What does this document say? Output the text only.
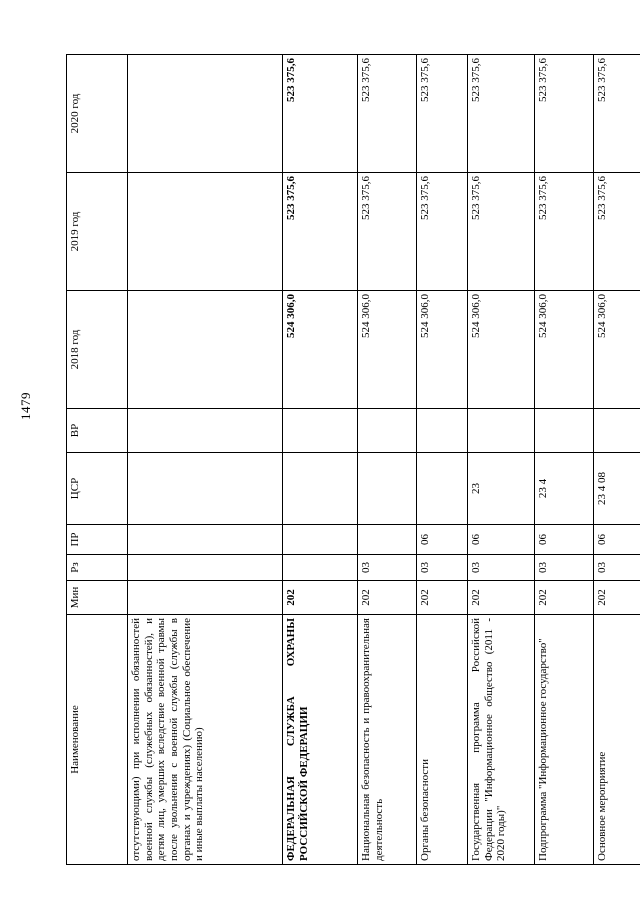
1479
Наименование	Мин	Рз	ПР	ЦСР	ВР	2018 год	2019 год	2020 год
отсутствующими) при исполнении обязанностей военной службы (служебных обязанностей), и детям лиц, умерших вследствие военной травмы после увольнения с военной службы (службы в органах и учреждениях) (Социальное обеспечение и иные выплаты населению)								
ФЕДЕРАЛЬНАЯ СЛУЖБА ОХРАНЫ РОССИЙСКОЙ ФЕДЕРАЦИИ	202					524 306,0	523 375,6	523 375,6
Национальная безопасность и правоохранительная деятельность	202	03				524 306,0	523 375,6	523 375,6
Органы безопасности	202	03	06			524 306,0	523 375,6	523 375,6
Государственная программа Российской Федерации "Информационное общество (2011 - 2020 годы)"	202	03	06	23		524 306,0	523 375,6	523 375,6
Подпрограмма "Информационное государство"	202	03	06	23 4		524 306,0	523 375,6	523 375,6
Основное мероприятие	202	03	06	23 4 08		524 306,0	523 375,6	523 375,6
